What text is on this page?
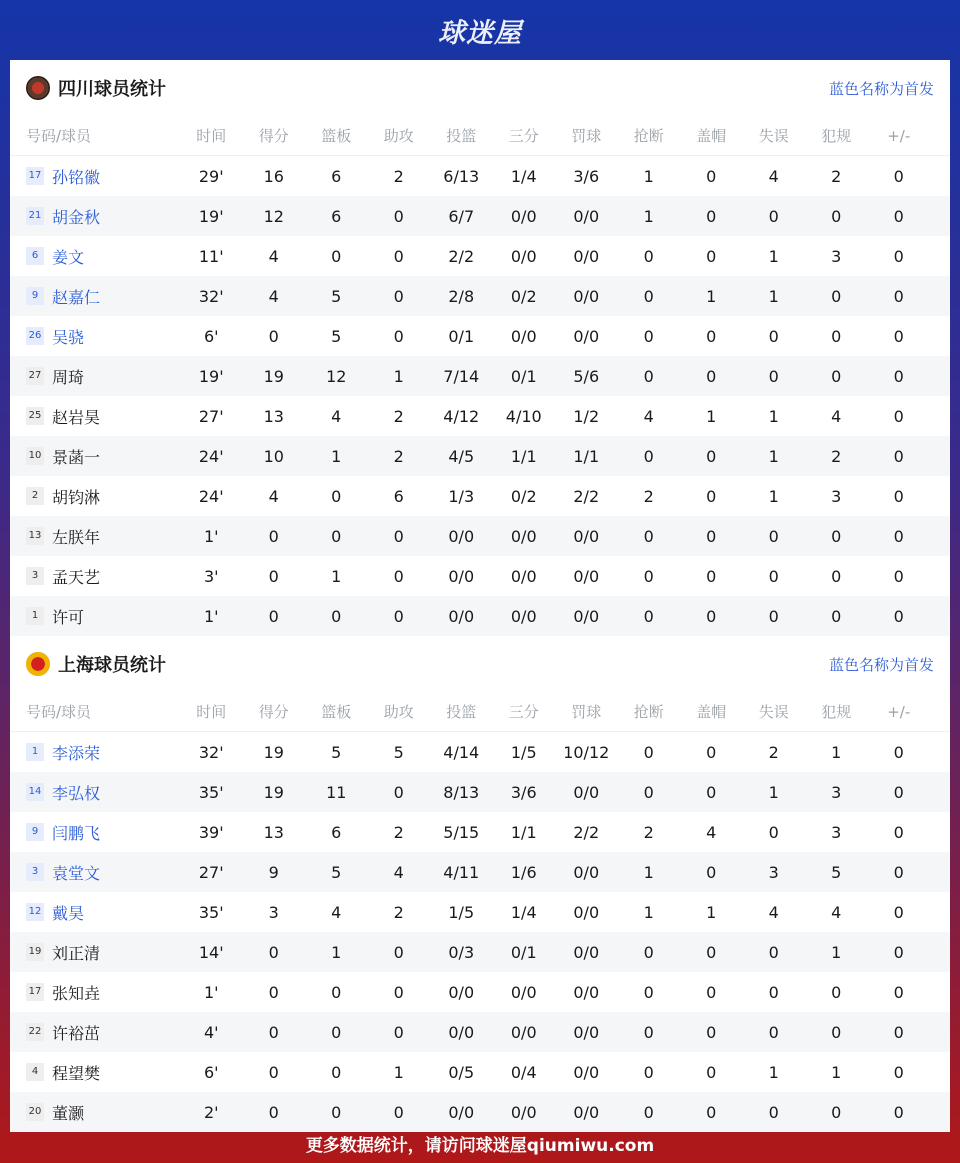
球迷屋
四川球员统计	蓝色名称为首发
号码/球员	时间	得分	篮板	助攻	投篮	三分	罚球	抢断	盖帽	失误	犯规	+/-
17 孙铭徽	29'	16	6	2	6/13	1/4	3/6	1	0	4	2	0
21 胡金秋	19'	12	6	0	6/7	0/0	0/0	1	0	0	0	0
6 姜文	11'	4	0	0	2/2	0/0	0/0	0	0	1	3	0
9 赵嘉仁	32'	4	5	0	2/8	0/2	0/0	0	1	1	0	0
26 吴骁	6'	0	5	0	0/1	0/0	0/0	0	0	0	0	0
27 周琦	19'	19	12	1	7/14	0/1	5/6	0	0	0	0	0
25 赵岩昊	27'	13	4	2	4/12	4/10	1/2	4	1	1	4	0
10 景菡一	24'	10	1	2	4/5	1/1	1/1	0	0	1	2	0
2 胡钧淋	24'	4	0	6	1/3	0/2	2/2	2	0	1	3	0
13 左朕年	1'	0	0	0	0/0	0/0	0/0	0	0	0	0	0
3 孟天艺	3'	0	1	0	0/0	0/0	0/0	0	0	0	0	0
1 许可	1'	0	0	0	0/0	0/0	0/0	0	0	0	0	0
上海球员统计	蓝色名称为首发
号码/球员	时间	得分	篮板	助攻	投篮	三分	罚球	抢断	盖帽	失误	犯规	+/-
1 李添荣	32'	19	5	5	4/14	1/5	10/12	0	0	2	1	0
14 李弘权	35'	19	11	0	8/13	3/6	0/0	0	0	1	3	0
9 闫鹏飞	39'	13	6	2	5/15	1/1	2/2	2	4	0	3	0
3 袁堂文	27'	9	5	4	4/11	1/6	0/0	1	0	3	5	0
12 戴昊	35'	3	4	2	1/5	1/4	0/0	1	1	4	4	0
19 刘正清	14'	0	1	0	0/3	0/1	0/0	0	0	0	1	0
17 张知垚	1'	0	0	0	0/0	0/0	0/0	0	0	0	0	0
22 许裕茁	4'	0	0	0	0/0	0/0	0/0	0	0	0	0	0
4 程望樊	6'	0	0	1	0/5	0/4	0/0	0	0	1	1	0
20 董灏	2'	0	0	0	0/0	0/0	0/0	0	0	0	0	0
更多数据统计，请访问球迷屋qiumiwu.com
